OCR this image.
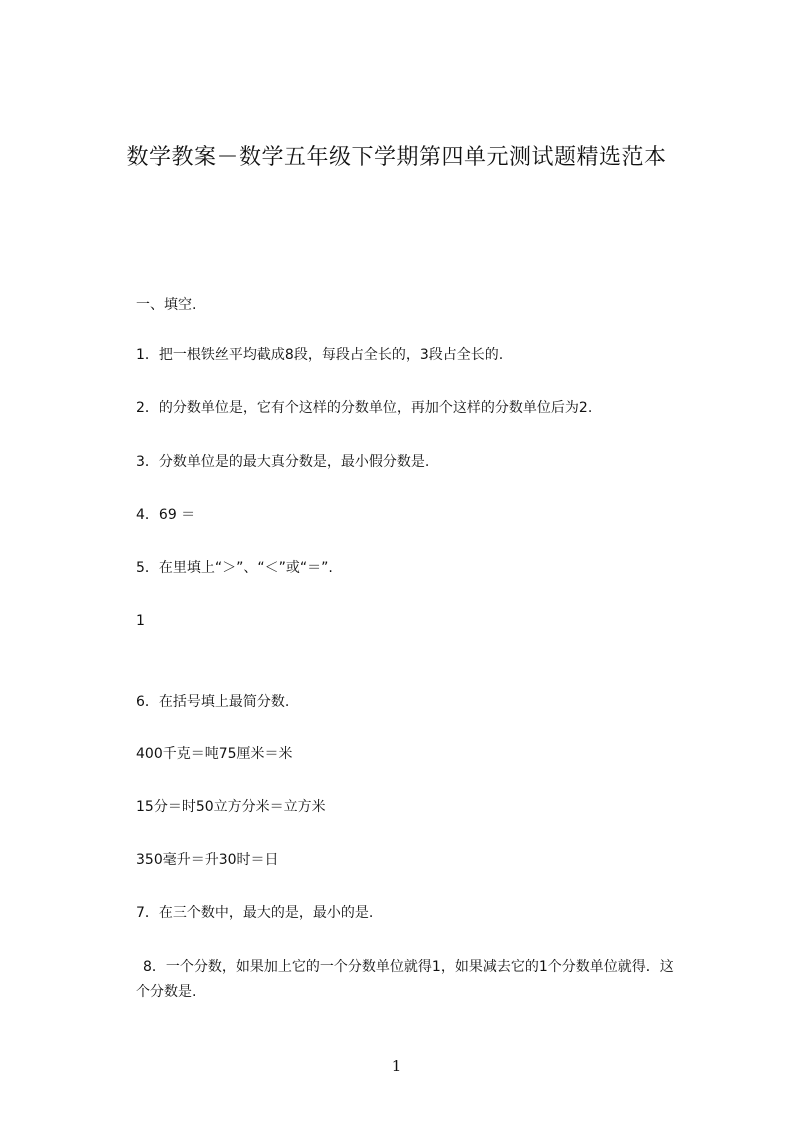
数学教案－数学五年级下学期第四单元测试题精选范本
一、填空.
1．把一根铁丝平均截成8段，每段占全长的，3段占全长的.
2．的分数单位是，它有个这样的分数单位，再加个这样的分数单位后为2.
3．分数单位是的最大真分数是，最小假分数是.
4．69 ＝
5．在里填上“＞”、“＜”或“＝”.
1
6．在括号填上最简分数.
400千克＝吨75厘米＝米
15分＝时50立方分米＝立方米
350毫升＝升30时＝日
7．在三个数中，最大的是，最小的是.
8．一个分数，如果加上它的一个分数单位就得1，如果减去它的1个分数单位就得．这个分数是.
1
